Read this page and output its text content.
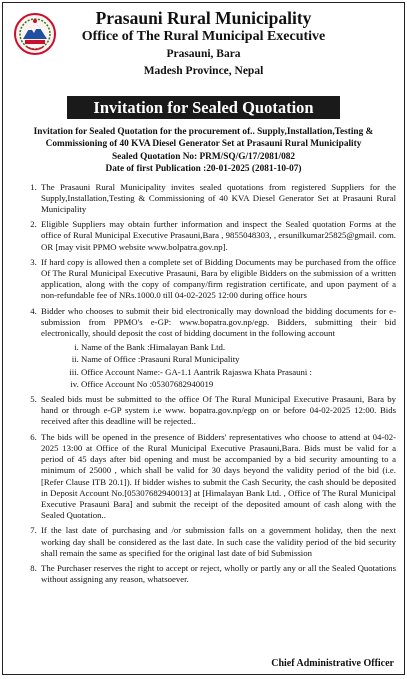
Prasauni Rural Municipality
Office of The Rural Municipal Executive
Prasauni, Bara
Madesh Province, Nepal
Invitation for Sealed Quotation
Invitation for Sealed Quotation for the procurement of.. Supply,Installation,Testing & Commissioning of 40 KVA Diesel Generator Set at Prasauni Rural Municipality
Sealed Quotation No: PRM/SQ/G/17/2081/082
Date of first Publication :20-01-2025 (2081-10-07)
1. The Prasauni Rural Municipality invites sealed quotations from registered Suppliers for the Supply,Installation,Testing & Commissioning of 40 KVA Diesel Generator Set at Prasauni Rural Municipality
2. Eligible Suppliers may obtain further information and inspect the Sealed quotation Forms at the office of Rural Municipal Executive Prasauni,Bara , 9855048303, , ersunilkumar25825@gmail. com. OR [may visit PPMO website www.bolpatra.gov.np].
3. If hard copy is allowed then a complete set of Bidding Documents may be purchased from the office Of The Rural Municipal Executive Prasauni, Bara by eligible Bidders on the submission of a written application, along with the copy of company/firm registration certificate, and upon payment of a non-refundable fee of NRs.1000.0 till 04-02-2025 12:00 during office hours
4. Bidder who chooses to submit their bid electronically may download the bidding documents for e-submission from PPMO's e-GP: www.bopatra.gov.np/egp. Bidders, submitting their bid electronically, should deposit the cost of bidding document in the following account
i. Name of the Bank :Himalayan Bank Ltd.
ii. Name of Office :Prasauni Rural Municipality
iii. Office Account Name:- GA-1.1 Aantrik Rajaswa Khata Prasauni :
iv. Office Account No :05307682940019
5. Sealed bids must be submitted to the office Of The Rural Municipal Executive Prasauni, Bara by hand or through e-GP system i.e www. bopatra.gov.np/egp on or before 04-02-2025 12:00. Bids received after this deadline will be rejected..
6. The bids will be opened in the presence of Bidders' representatives who choose to attend at 04-02-2025 13:00 at Office of the Rural Municipal Executive Prasauni,Bara. Bids must be valid for a period of 45 days after bid opening and must be accompanied by a bid security amounting to a minimum of 25000 , which shall be valid for 30 days beyond the validity period of the bid (i.e. [Refer Clause ITB 20.1]). If bidder wishes to submit the Cash Security, the cash should be deposited in Deposit Account No.[05307682940013] at [Himalayan Bank Ltd. , Office of The Rural Municipal Executive Prasauni Bara] and submit the receipt of the deposited amount of cash along with the Sealed Quotation..
7. If the last date of purchasing and /or submission falls on a government holiday, then the next working day shall be considered as the last date. In such case the validity period of the bid security shall remain the same as specified for the original last date of bid Submission
8. The Purchaser reserves the right to accept or reject, wholly or partly any or all the Sealed Quotations without assigning any reason, whatsoever.
Chief Administrative Officer
